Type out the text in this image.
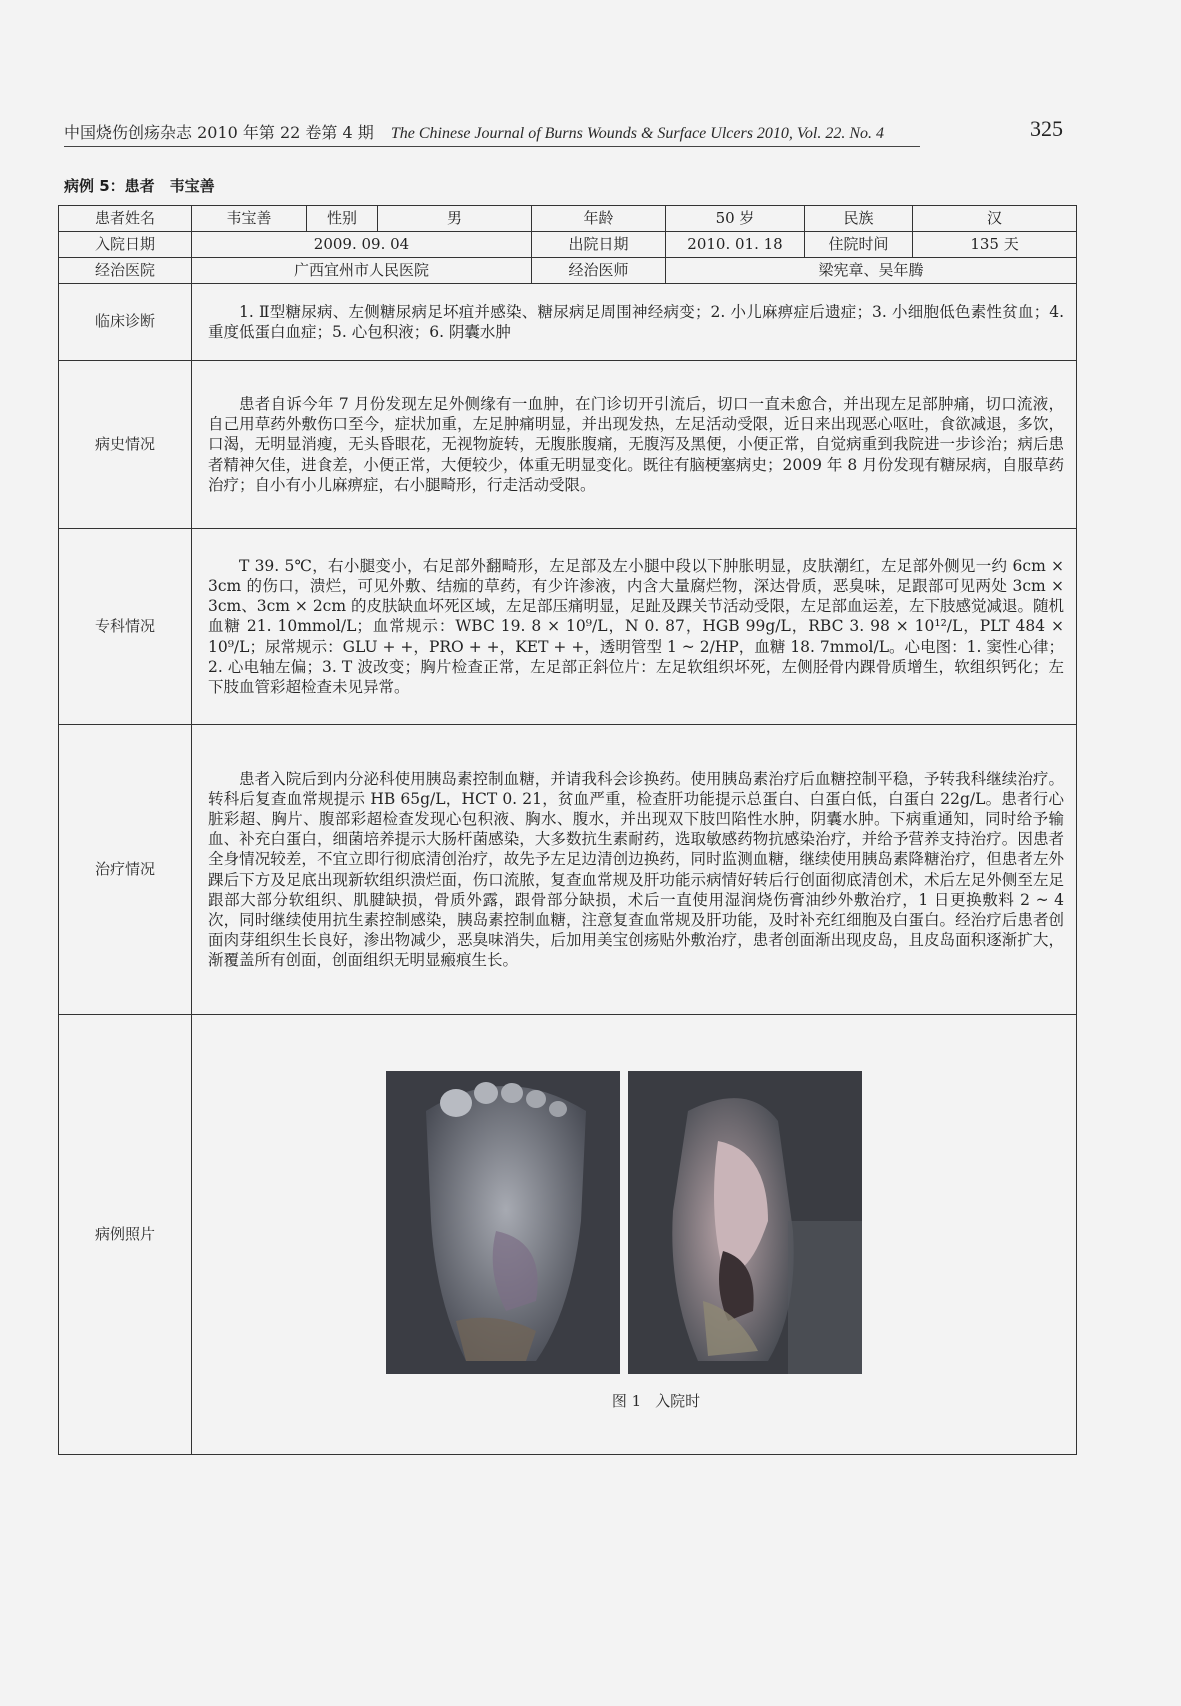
中国烧伤创疡杂志 2010 年第 22 卷第 4 期 The Chinese Journal of Burns Wounds & Surface Ulcers 2010, Vol. 22. No. 4	325
病例 5：患者　韦宝善
患者姓名	韦宝善	性别	男	年龄	50 岁	民族	汉
入院日期	2009. 09. 04			出院日期	2010. 01. 18	住院时间	135 天
经治医院	广西宜州市人民医院			经治医师	梁宪章、吴年腾		
临床诊断	1. Ⅱ型糖尿病、左侧糖尿病足坏疽并感染、糖尿病足周围神经病变；2. 小儿麻痹症后遗症；3. 小细胞低色素性贫血；4. 重度低蛋白血症；5. 心包积液；6. 阴囊水肿						

病史情况	患者自诉今年 7 月份发现左足外侧缘有一血肿，在门诊切开引流后，切口一直未愈合，并出现左足部肿痛，切口流液，自己用草药外敷伤口至今，症状加重，左足肿痛明显，并出现发热，左足活动受限，近日来出现恶心呕吐，食欲减退，多饮，口渴，无明显消瘦，无头昏眼花，无视物旋转，无腹胀腹痛，无腹泻及黑便，小便正常，自觉病重到我院进一步诊治；病后患者精神欠佳，进食差，小便正常，大便较少，体重无明显变化。既往有脑梗塞病史；2009 年 8 月份发现有糖尿病，自服草药治疗；自小有小儿麻痹症，右小腿畸形，行走活动受限。						

专科情况	T 39. 5℃，右小腿变小，右足部外翻畸形，左足部及左小腿中段以下肿胀明显，皮肤潮红，左足部外侧见一约 6cm × 3cm 的伤口，溃烂，可见外敷、结痂的草药，有少许渗液，内含大量腐烂物，深达骨质，恶臭味，足跟部可见两处 3cm × 3cm、3cm × 2cm 的皮肤缺血坏死区域，左足部压痛明显，足趾及踝关节活动受限，左足部血运差，左下肢感觉减退。随机血糖 21. 10mmol/L；血常规示：WBC 19. 8 × 10⁹/L，N 0. 87，HGB 99g/L，RBC 3. 98 × 10¹²/L，PLT 484 × 10⁹/L；尿常规示：GLU + +，PRO + +，KET + +，透明管型 1 ~ 2/HP，血糖 18. 7mmol/L。心电图：1. 窦性心律；2. 心电轴左偏；3. T 波改变；胸片检查正常，左足部正斜位片：左足软组织坏死，左侧胫骨内踝骨质增生，软组织钙化；左下肢血管彩超检查未见异常。						

治疗情况	患者入院后到内分泌科使用胰岛素控制血糖，并请我科会诊换药。使用胰岛素治疗后血糖控制平稳，予转我科继续治疗。转科后复查血常规提示 HB 65g/L，HCT 0. 21，贫血严重，检查肝功能提示总蛋白、白蛋白低，白蛋白 22g/L。患者行心脏彩超、胸片、腹部彩超检查发现心包积液、胸水、腹水，并出现双下肢凹陷性水肿，阴囊水肿。下病重通知，同时给予输血、补充白蛋白，细菌培养提示大肠杆菌感染，大多数抗生素耐药，选取敏感药物抗感染治疗，并给予营养支持治疗。因患者全身情况较差，不宜立即行彻底清创治疗，故先予左足边清创边换药，同时监测血糖，继续使用胰岛素降糖治疗，但患者左外踝后下方及足底出现新软组织溃烂面，伤口流脓，复查血常规及肝功能示病情好转后行创面彻底清创术，术后左足外侧至左足跟部大部分软组织、肌腱缺损，骨质外露，跟骨部分缺损，术后一直使用湿润烧伤膏油纱外敷治疗，1 日更换敷料 2 ~ 4 次，同时继续使用抗生素控制感染，胰岛素控制血糖，注意复查血常规及肝功能，及时补充红细胞及白蛋白。经治疗后患者创面肉芽组织生长良好，渗出物减少，恶臭味消失，后加用美宝创疡贴外敷治疗，患者创面渐出现皮岛，且皮岛面积逐渐扩大，渐覆盖所有创面，创面组织无明显瘢痕生长。						

病例照片	图 1 入院时						
